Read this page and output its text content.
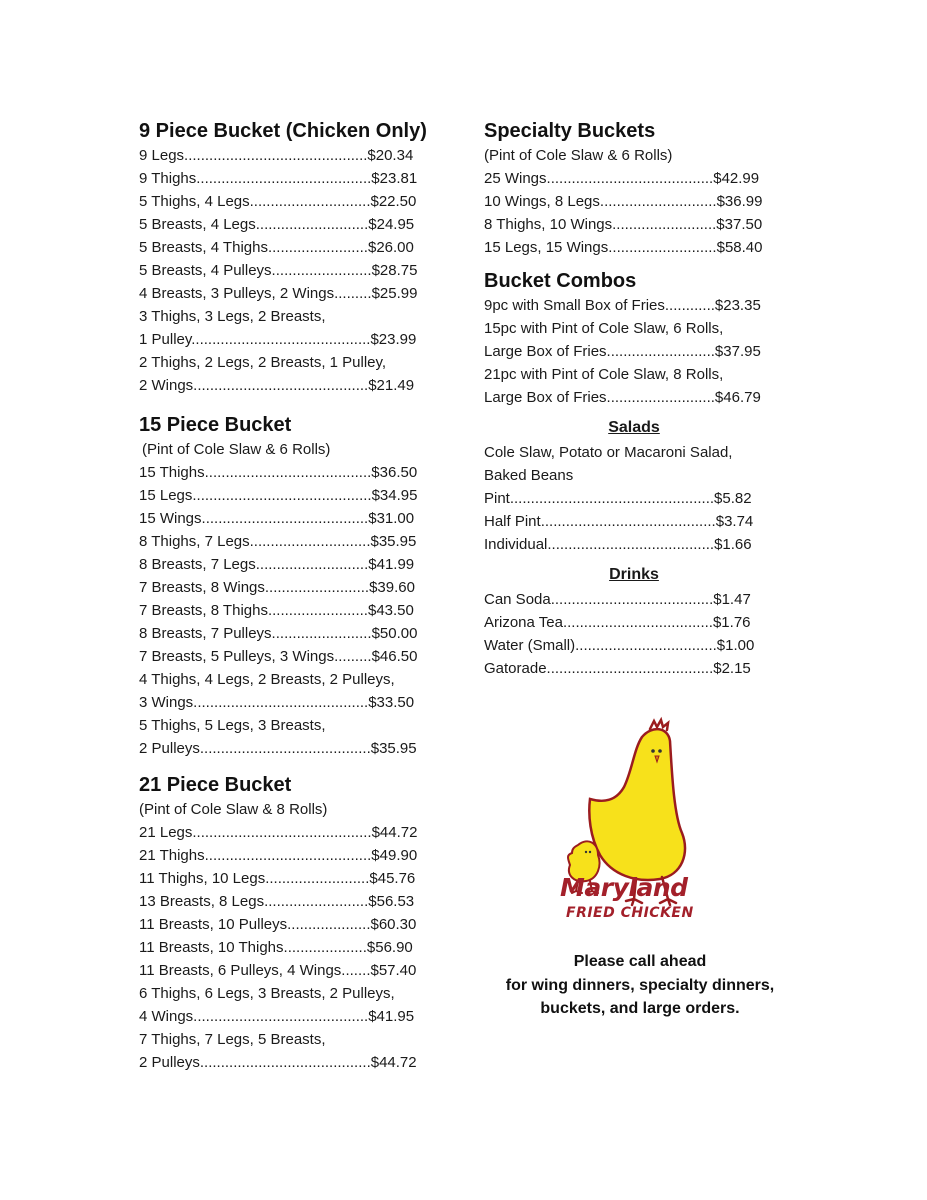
9 Piece Bucket (Chicken Only)
9 Legs............................................$20.34
9 Thighs..........................................$23.81
5 Thighs, 4 Legs.............................$22.50
5 Breasts, 4 Legs...........................$24.95
5 Breasts, 4 Thighs........................$26.00
5 Breasts, 4 Pulleys........................$28.75
4 Breasts, 3 Pulleys, 2 Wings.........$25.99
3 Thighs, 3 Legs, 2 Breasts,
1 Pulley...........................................$23.99
2 Thighs, 2 Legs, 2 Breasts, 1 Pulley,
2 Wings..........................................$21.49
15 Piece Bucket
(Pint of Cole Slaw & 6 Rolls)
15 Thighs........................................$36.50
15 Legs...........................................$34.95
15 Wings........................................$31.00
8 Thighs, 7 Legs.............................$35.95
8 Breasts, 7 Legs...........................$41.99
7 Breasts, 8 Wings.........................$39.60
7 Breasts, 8 Thighs........................$43.50
8 Breasts, 7 Pulleys........................$50.00
7 Breasts, 5 Pulleys, 3 Wings.........$46.50
4 Thighs, 4 Legs, 2 Breasts, 2 Pulleys,
3 Wings..........................................$33.50
5 Thighs, 5 Legs, 3 Breasts,
2 Pulleys.........................................$35.95
21 Piece Bucket
(Pint of Cole Slaw & 8 Rolls)
21 Legs...........................................$44.72
21 Thighs........................................$49.90
11 Thighs, 10 Legs.........................$45.76
13 Breasts, 8 Legs.........................$56.53
11 Breasts, 10 Pulleys....................$60.30
11 Breasts, 10 Thighs....................$56.90
11 Breasts, 6 Pulleys, 4 Wings.......$57.40
6 Thighs, 6 Legs, 3 Breasts, 2 Pulleys,
4 Wings..........................................$41.95
7 Thighs, 7 Legs, 5 Breasts,
2 Pulleys.........................................$44.72
Specialty Buckets
(Pint of Cole Slaw & 6 Rolls)
25 Wings........................................$42.99
10 Wings, 8 Legs............................$36.99
8 Thighs, 10 Wings.........................$37.50
15 Legs, 15 Wings..........................$58.40
Bucket Combos
9pc with Small Box of Fries............$23.35
15pc with Pint of Cole Slaw, 6 Rolls,
Large Box of Fries..........................$37.95
21pc with Pint of Cole Slaw, 8 Rolls,
Large Box of Fries..........................$46.79
Salads
Cole Slaw, Potato or Macaroni Salad,
Baked Beans
Pint.................................................$5.82
Half Pint..........................................$3.74
Individual........................................$1.66
Drinks
Can Soda.......................................$1.47
Arizona Tea....................................$1.76
Water (Small)..................................$1.00
Gatorade........................................$2.15
Maryland
FRIED CHICKEN
Please call ahead
for wing dinners, specialty dinners,
buckets, and large orders.
